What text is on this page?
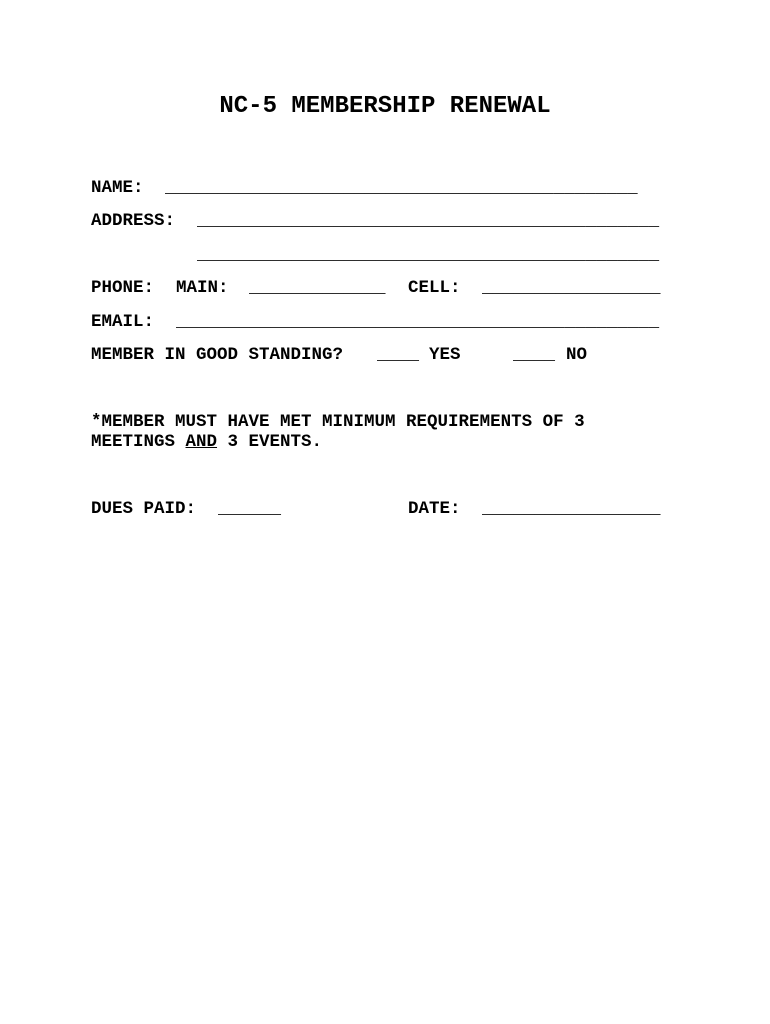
NC-5 MEMBERSHIP RENEWAL

NAME:

_____________________________________________

ADDRESS:

____________________________________________

____________________________________________

PHONE:

MAIN:

_____________

CELL:

_________________

EMAIL:

______________________________________________

MEMBER IN GOOD STANDING?

____

YES

	____

NO

*MEMBER MUST HAVE MET MINIMUM REQUIREMENTS OF 3

MEETINGS AND 3 EVENTS.

DUES PAID:

______

	DATE:

_________________
